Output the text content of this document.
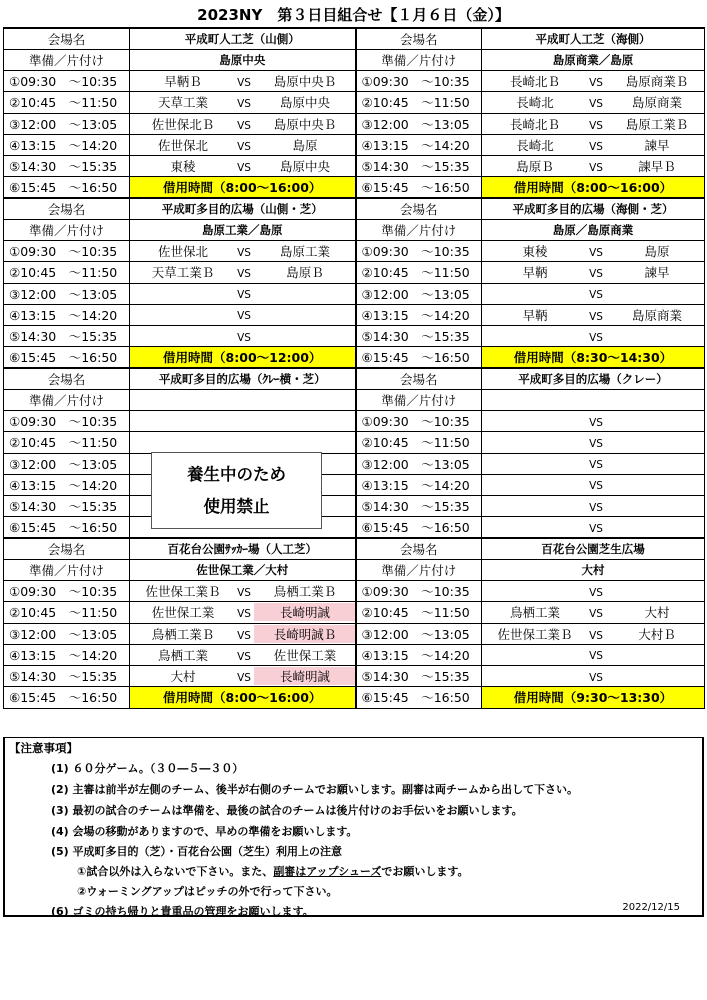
2023NY　第３日目組合せ【１月６日（金）】
会場名	平成町人工芝（山側）	会場名	平成町人工芝（海側）
準備／片付け	島原中央	準備／片付け	島原商業／島原
①09:30　～10:35	早鞆Ｂ VS 島原中央Ｂ	①09:30　～10:35	長崎北Ｂ VS 島原商業Ｂ
②10:45　～11:50	天草工業 VS 島原中央	②10:45　～11:50	長崎北 VS 島原商業
③12:00　～13:05	佐世保北Ｂ VS 島原中央Ｂ	③12:00　～13:05	長崎北Ｂ VS 島原工業Ｂ
④13:15　～14:20	佐世保北 VS 島原	④13:15　～14:20	長崎北 VS 諫早
⑤14:30　～15:35	東稜 VS 島原中央	⑤14:30　～15:35	島原Ｂ VS 諫早Ｂ
⑥15:45　～16:50	借用時間（8:00～16:00）	⑥15:45　～16:50	借用時間（8:00～16:00）
会場名	平成町多目的広場（山側・芝）	会場名	平成町多目的広場（海側・芝）
準備／片付け	島原工業／島原	準備／片付け	島原／島原商業
①09:30　～10:35	佐世保北 VS 島原工業	①09:30　～10:35	東稜 VS 島原
②10:45　～11:50	天草工業Ｂ VS 島原Ｂ	②10:45　～11:50	早鞆 VS 諫早
③12:00　～13:05	VS	③12:00　～13:05	VS
④13:15　～14:20	VS	④13:15　～14:20	早鞆 VS 島原商業
⑤14:30　～15:35	VS	⑤14:30　～15:35	VS
⑥15:45　～16:50	借用時間（8:00～12:00）	⑥15:45　～16:50	借用時間（8:30～14:30）
会場名	平成町多目的広場（ｸﾚｰ横・芝）	会場名	平成町多目的広場（クレー）
準備／片付け		準備／片付け	
①09:30　～10:35		①09:30　～10:35	VS
②10:45　～11:50		②10:45　～11:50	VS
③12:00　～13:05		③12:00　～13:05	VS
④13:15　～14:20		④13:15　～14:20	VS
⑤14:30　～15:35		⑤14:30　～15:35	VS
⑥15:45　～16:50		⑥15:45　～16:50	VS
会場名	百花台公園ｻｯｶｰ場（人工芝）	会場名	百花台公園芝生広場
準備／片付け	佐世保工業／大村	準備／片付け	大村
①09:30　～10:35	佐世保工業Ｂ VS 鳥栖工業Ｂ	①09:30　～10:35	VS
②10:45　～11:50	佐世保工業 VS 長崎明誠	②10:45　～11:50	鳥栖工業 VS 大村
③12:00　～13:05	鳥栖工業Ｂ VS 長崎明誠Ｂ	③12:00　～13:05	佐世保工業Ｂ VS 大村Ｂ
④13:15　～14:20	鳥栖工業 VS 佐世保工業	④13:15　～14:20	VS
⑤14:30　～15:35	大村 VS 長崎明誠	⑤14:30　～15:35	VS
⑥15:45　～16:50	借用時間（8:00～16:00）	⑥15:45　～16:50	借用時間（9:30～13:30）
養生中のため
使用禁止
【注意事項】
(1) ６０分ゲーム。（３０―５―３０）
(2) 主審は前半が左側のチーム、後半が右側のチームでお願いします。副審は両チームから出して下さい。
(3) 最初の試合のチームは準備を、最後の試合のチームは後片付けのお手伝いをお願いします。
(4) 会場の移動がありますので、早めの準備をお願いします。
(5) 平成町多目的（芝）・百花台公園（芝生）利用上の注意
①試合以外は入らないで下さい。また、副審はアップシューズでお願いします。
②ウォーミングアップはピッチの外で行って下さい。
(6) ゴミの持ち帰りと貴重品の管理をお願いします。	2022/12/15
